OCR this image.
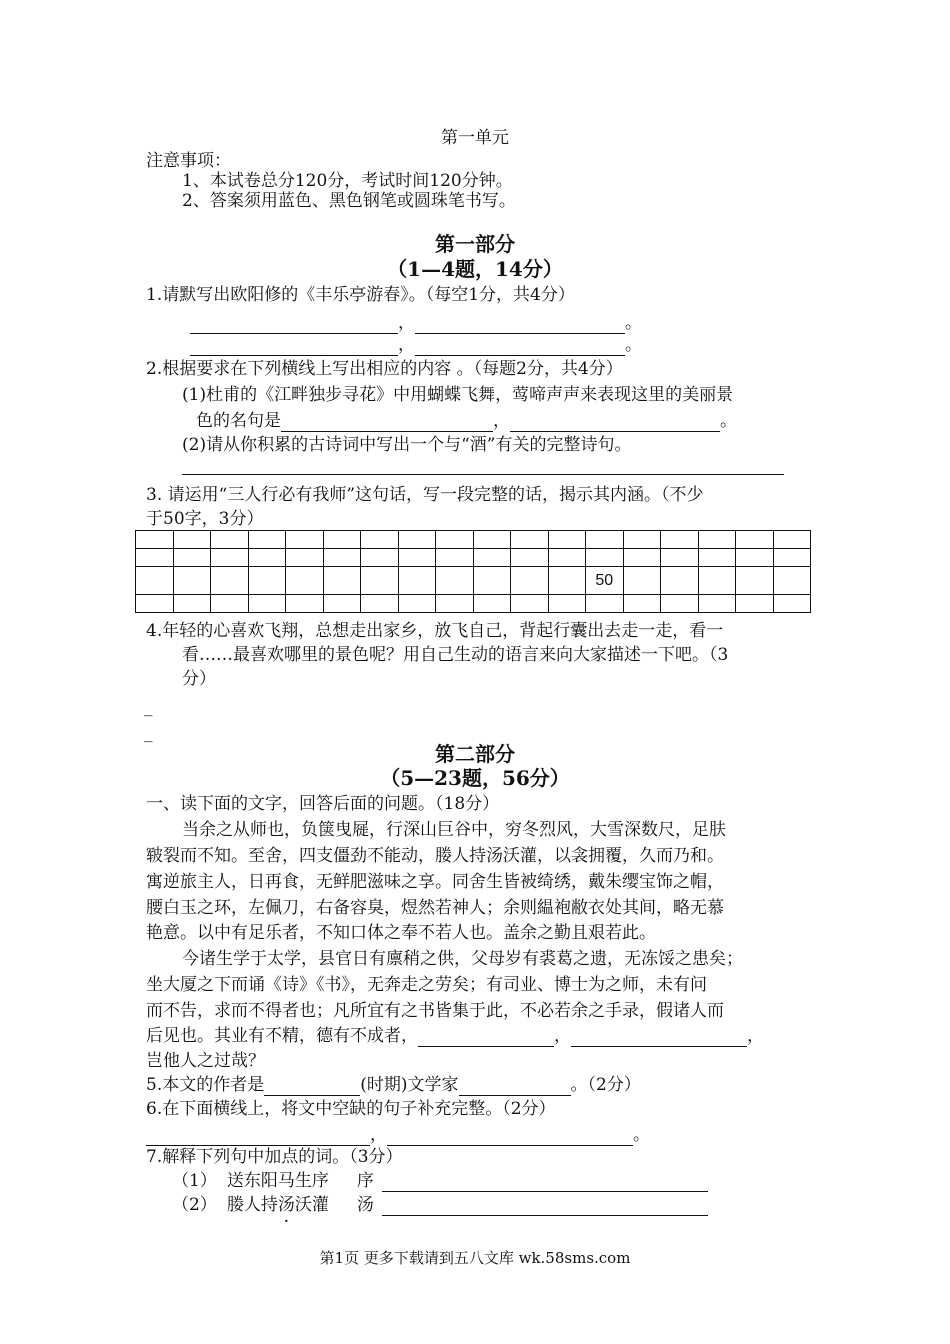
第一单元
注意事项：
1、本试卷总分120分，考试时间120分钟。
2、答案须用蓝色、黑色钢笔或圆珠笔书写。
第一部分
（1—4题，14分）
1.请默写出欧阳修的《丰乐亭游春》。（每空1分，共4分）
，	。
，	。
2.根据要求在下列横线上写出相应的内容 。（每题2分，共4分）
(1)杜甫的《江畔独步寻花》中用蝴蝶飞舞，莺啼声声来表现这里的美丽景
色的名句是	，	。
(2)请从你积累的古诗词中写出一个与“酒”有关的完整诗句。
3. 请运用“三人行必有我师”这句话，写一段完整的话，揭示其内涵。（不少
于50字，3分）

												50					

4.年轻的心喜欢飞翔，总想走出家乡，放飞自己，背起行囊出去走一走，看一
看……最喜欢哪里的景色呢？用自己生动的语言来向大家描述一下吧。（3
分）
_
_
第二部分
（5—23题，56分）
一、读下面的文字，回答后面的问题。（18分）
当余之从师也，负箧曳屣，行深山巨谷中，穷冬烈风，大雪深数尺，足肤
皲裂而不知。至舍，四支僵劲不能动，媵人持汤沃灌，以衾拥覆，久而乃和。
寓逆旅主人，日再食，无鲜肥滋味之享。同舍生皆被绮绣，戴朱缨宝饰之帽，
腰白玉之环，左佩刀，右备容臭，煜然若神人；余则緼袍敝衣处其间，略无慕
艳意。以中有足乐者，不知口体之奉不若人也。盖余之勤且艰若此。
今诸生学于太学，县官日有廪稍之供，父母岁有裘葛之遗，无冻馁之患矣；
坐大厦之下而诵《诗》《书》，无奔走之劳矣；有司业、博士为之师，未有问
而不告，求而不得者也；凡所宜有之书皆集于此，不必若余之手录，假诸人而
后见也。其业有不精，德有不成者，	，	，
岂他人之过哉？
5.本文的作者是	(时期)文学家	。（2分）
6.在下面横线上，将文中空缺的句子补充完整。（2分）
，	。
7.解释下列句中加点的词。（3分）
（1） 送东阳马生序 序
（2） 媵人持汤沃灌 汤
第1页 更多下载请到五八文库 wk.58sms.com
